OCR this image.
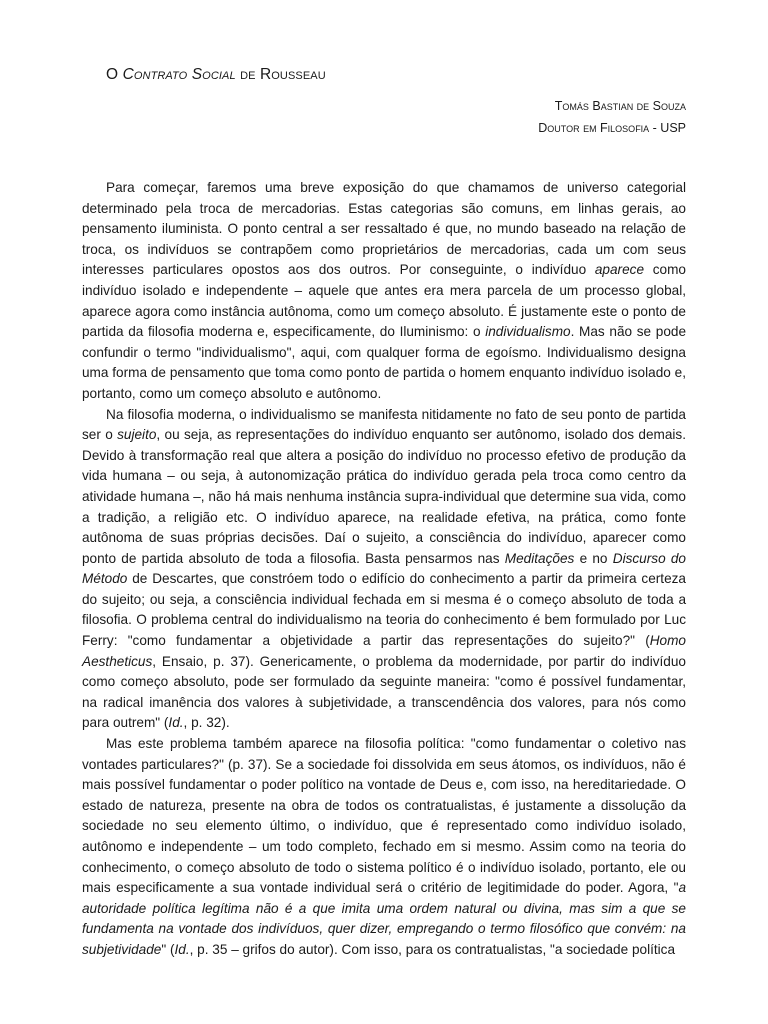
O Contrato Social de Rousseau
Tomás Bastian de Souza
Doutor em Filosofia - USP

Para começar, faremos uma breve exposição do que chamamos de universo categorial determinado pela troca de mercadorias. Estas categorias são comuns, em linhas gerais, ao pensamento iluminista. O ponto central a ser ressaltado é que, no mundo baseado na relação de troca, os indivíduos se contrapõem como proprietários de mercadorias, cada um com seus interesses particulares opostos aos dos outros. Por conseguinte, o indivíduo aparece como indivíduo isolado e independente – aquele que antes era mera parcela de um processo global, aparece agora como instância autônoma, como um começo absoluto. É justamente este o ponto de partida da filosofia moderna e, especificamente, do Iluminismo: o individualismo. Mas não se pode confundir o termo "individualismo", aqui, com qualquer forma de egoísmo. Individualismo designa uma forma de pensamento que toma como ponto de partida o homem enquanto indivíduo isolado e, portanto, como um começo absoluto e autônomo.

Na filosofia moderna, o individualismo se manifesta nitidamente no fato de seu ponto de partida ser o sujeito, ou seja, as representações do indivíduo enquanto ser autônomo, isolado dos demais. Devido à transformação real que altera a posição do indivíduo no processo efetivo de produção da vida humana – ou seja, à autonomização prática do indivíduo gerada pela troca como centro da atividade humana –, não há mais nenhuma instância supra-individual que determine sua vida, como a tradição, a religião etc. O indivíduo aparece, na realidade efetiva, na prática, como fonte autônoma de suas próprias decisões. Daí o sujeito, a consciência do indivíduo, aparecer como ponto de partida absoluto de toda a filosofia. Basta pensarmos nas Meditações e no Discurso do Método de Descartes, que constróem todo o edifício do conhecimento a partir da primeira certeza do sujeito; ou seja, a consciência individual fechada em si mesma é o começo absoluto de toda a filosofia. O problema central do individualismo na teoria do conhecimento é bem formulado por Luc Ferry: "como fundamentar a objetividade a partir das representações do sujeito?" (Homo Aestheticus, Ensaio, p. 37). Genericamente, o problema da modernidade, por partir do indivíduo como começo absoluto, pode ser formulado da seguinte maneira: "como é possível fundamentar, na radical imanência dos valores à subjetividade, a transcendência dos valores, para nós como para outrem" (Id., p. 32).

Mas este problema também aparece na filosofia política: "como fundamentar o coletivo nas vontades particulares?" (p. 37). Se a sociedade foi dissolvida em seus átomos, os indivíduos, não é mais possível fundamentar o poder político na vontade de Deus e, com isso, na hereditariedade. O estado de natureza, presente na obra de todos os contratualistas, é justamente a dissolução da sociedade no seu elemento último, o indivíduo, que é representado como indivíduo isolado, autônomo e independente – um todo completo, fechado em si mesmo. Assim como na teoria do conhecimento, o começo absoluto de todo o sistema político é o indivíduo isolado, portanto, ele ou mais especificamente a sua vontade individual será o critério de legitimidade do poder. Agora, "a autoridade política legítima não é a que imita uma ordem natural ou divina, mas sim a que se fundamenta na vontade dos indivíduos, quer dizer, empregando o termo filosófico que convém: na subjetividade" (Id., p. 35 – grifos do autor). Com isso, para os contratualistas, "a sociedade política
